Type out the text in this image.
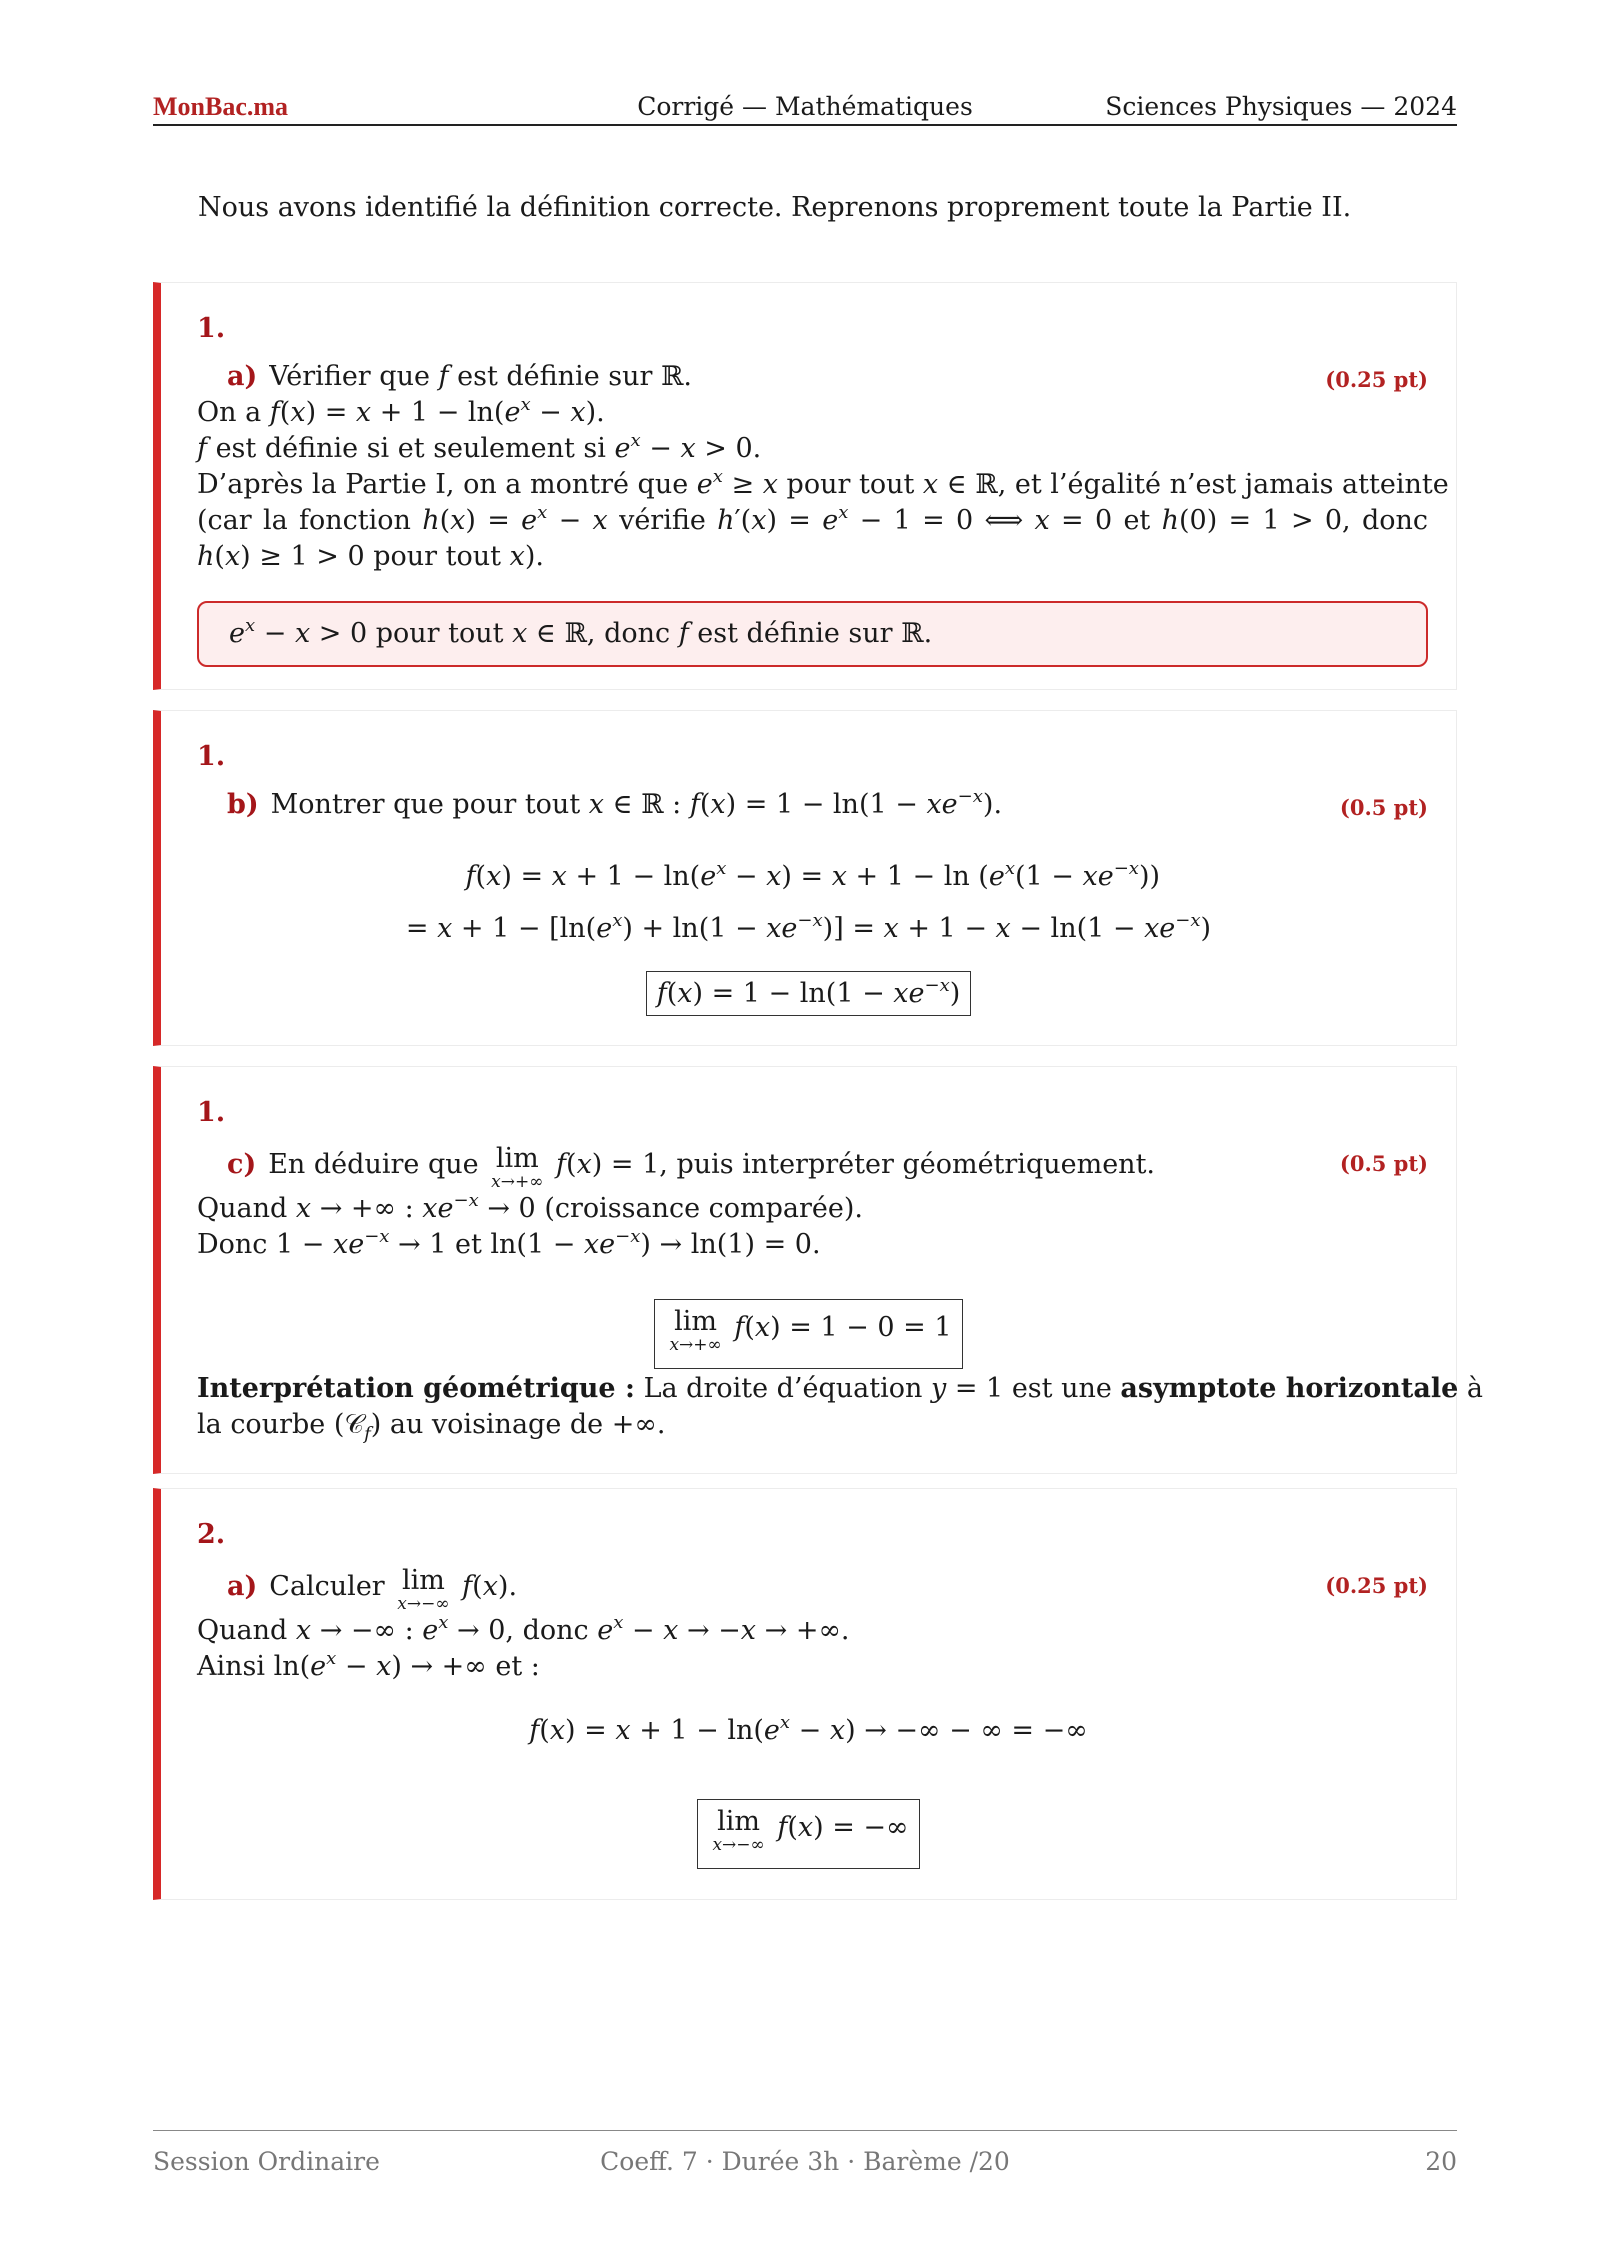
Corrigé — Mathématiques
MonBac.ma	Sciences Physiques — 2024
Nous avons identifié la définition correcte. Reprenons proprement toute la Partie II.
1.
a) Vérifier que f est définie sur ℝ.	(0.25 pt)
On a $f(x) = x + 1 - \ln(e^x - x)$.
f est définie si et seulement si $e^x - x > 0$.
D’après la Partie I, on a montré que $e^x \ge x$ pour tout x ∈ ℝ, et l’égalité n’est jamais atteinte
(car la fonction $h(x) = e^x - x$ vérifie $h'(x) = e^x - 1 = 0$ ⟺ x = 0 et h(0) = 1 > 0, donc
h(x) ≥ 1 > 0 pour tout x).
$e^x - x > 0$ pour tout x ∈ ℝ, donc f est définie sur ℝ.
1.
b) Montrer que pour tout x ∈ ℝ : $f(x) = 1 - \ln(1 - xe^{-x})$.	(0.5 pt)
$f(x) = x + 1 - \ln(e^x - x) = x + 1 - \ln (e^x(1 - xe^{-x}))$
= $x + 1 - [\ln(e^x) + \ln(1 - xe^{-x})] = x + 1 - x - \ln(1 - xe^{-x})$
$f(x) = 1 - \ln(1 - xe^{-x})$
1.
c) En déduire que lim
x→+∞
f(x) = 1, puis interpréter géométriquement.	(0.5 pt)
Quand x → +∞ : $xe^{-x} \to 0$ (croissance comparée).
Donc $1 - xe^{-x} \to 1$ et $\ln(1 - xe^{-x}) \to \ln(1) = 0$.
lim
x→+∞
f(x) = 1 − 0 = 1
Interprétation géométrique : La droite d’équation y = 1 est une asymptote horizontale à
la courbe (𝒞$_f$) au voisinage de +∞.
2.
a) Calculer lim
x→−∞
f(x).	(0.25 pt)
Quand x → −∞ : $e^x \to 0$, donc $e^x - x \to -x$ → +∞.
Ainsi $\ln(e^x - x)$ → +∞ et :
$f(x) = x + 1 - \ln(e^x - x)$ → −∞ − ∞ = −∞
lim
x→−∞
f(x) = −∞
Coeff. 7 · Durée 3h · Barème /20
Session Ordinaire	20
